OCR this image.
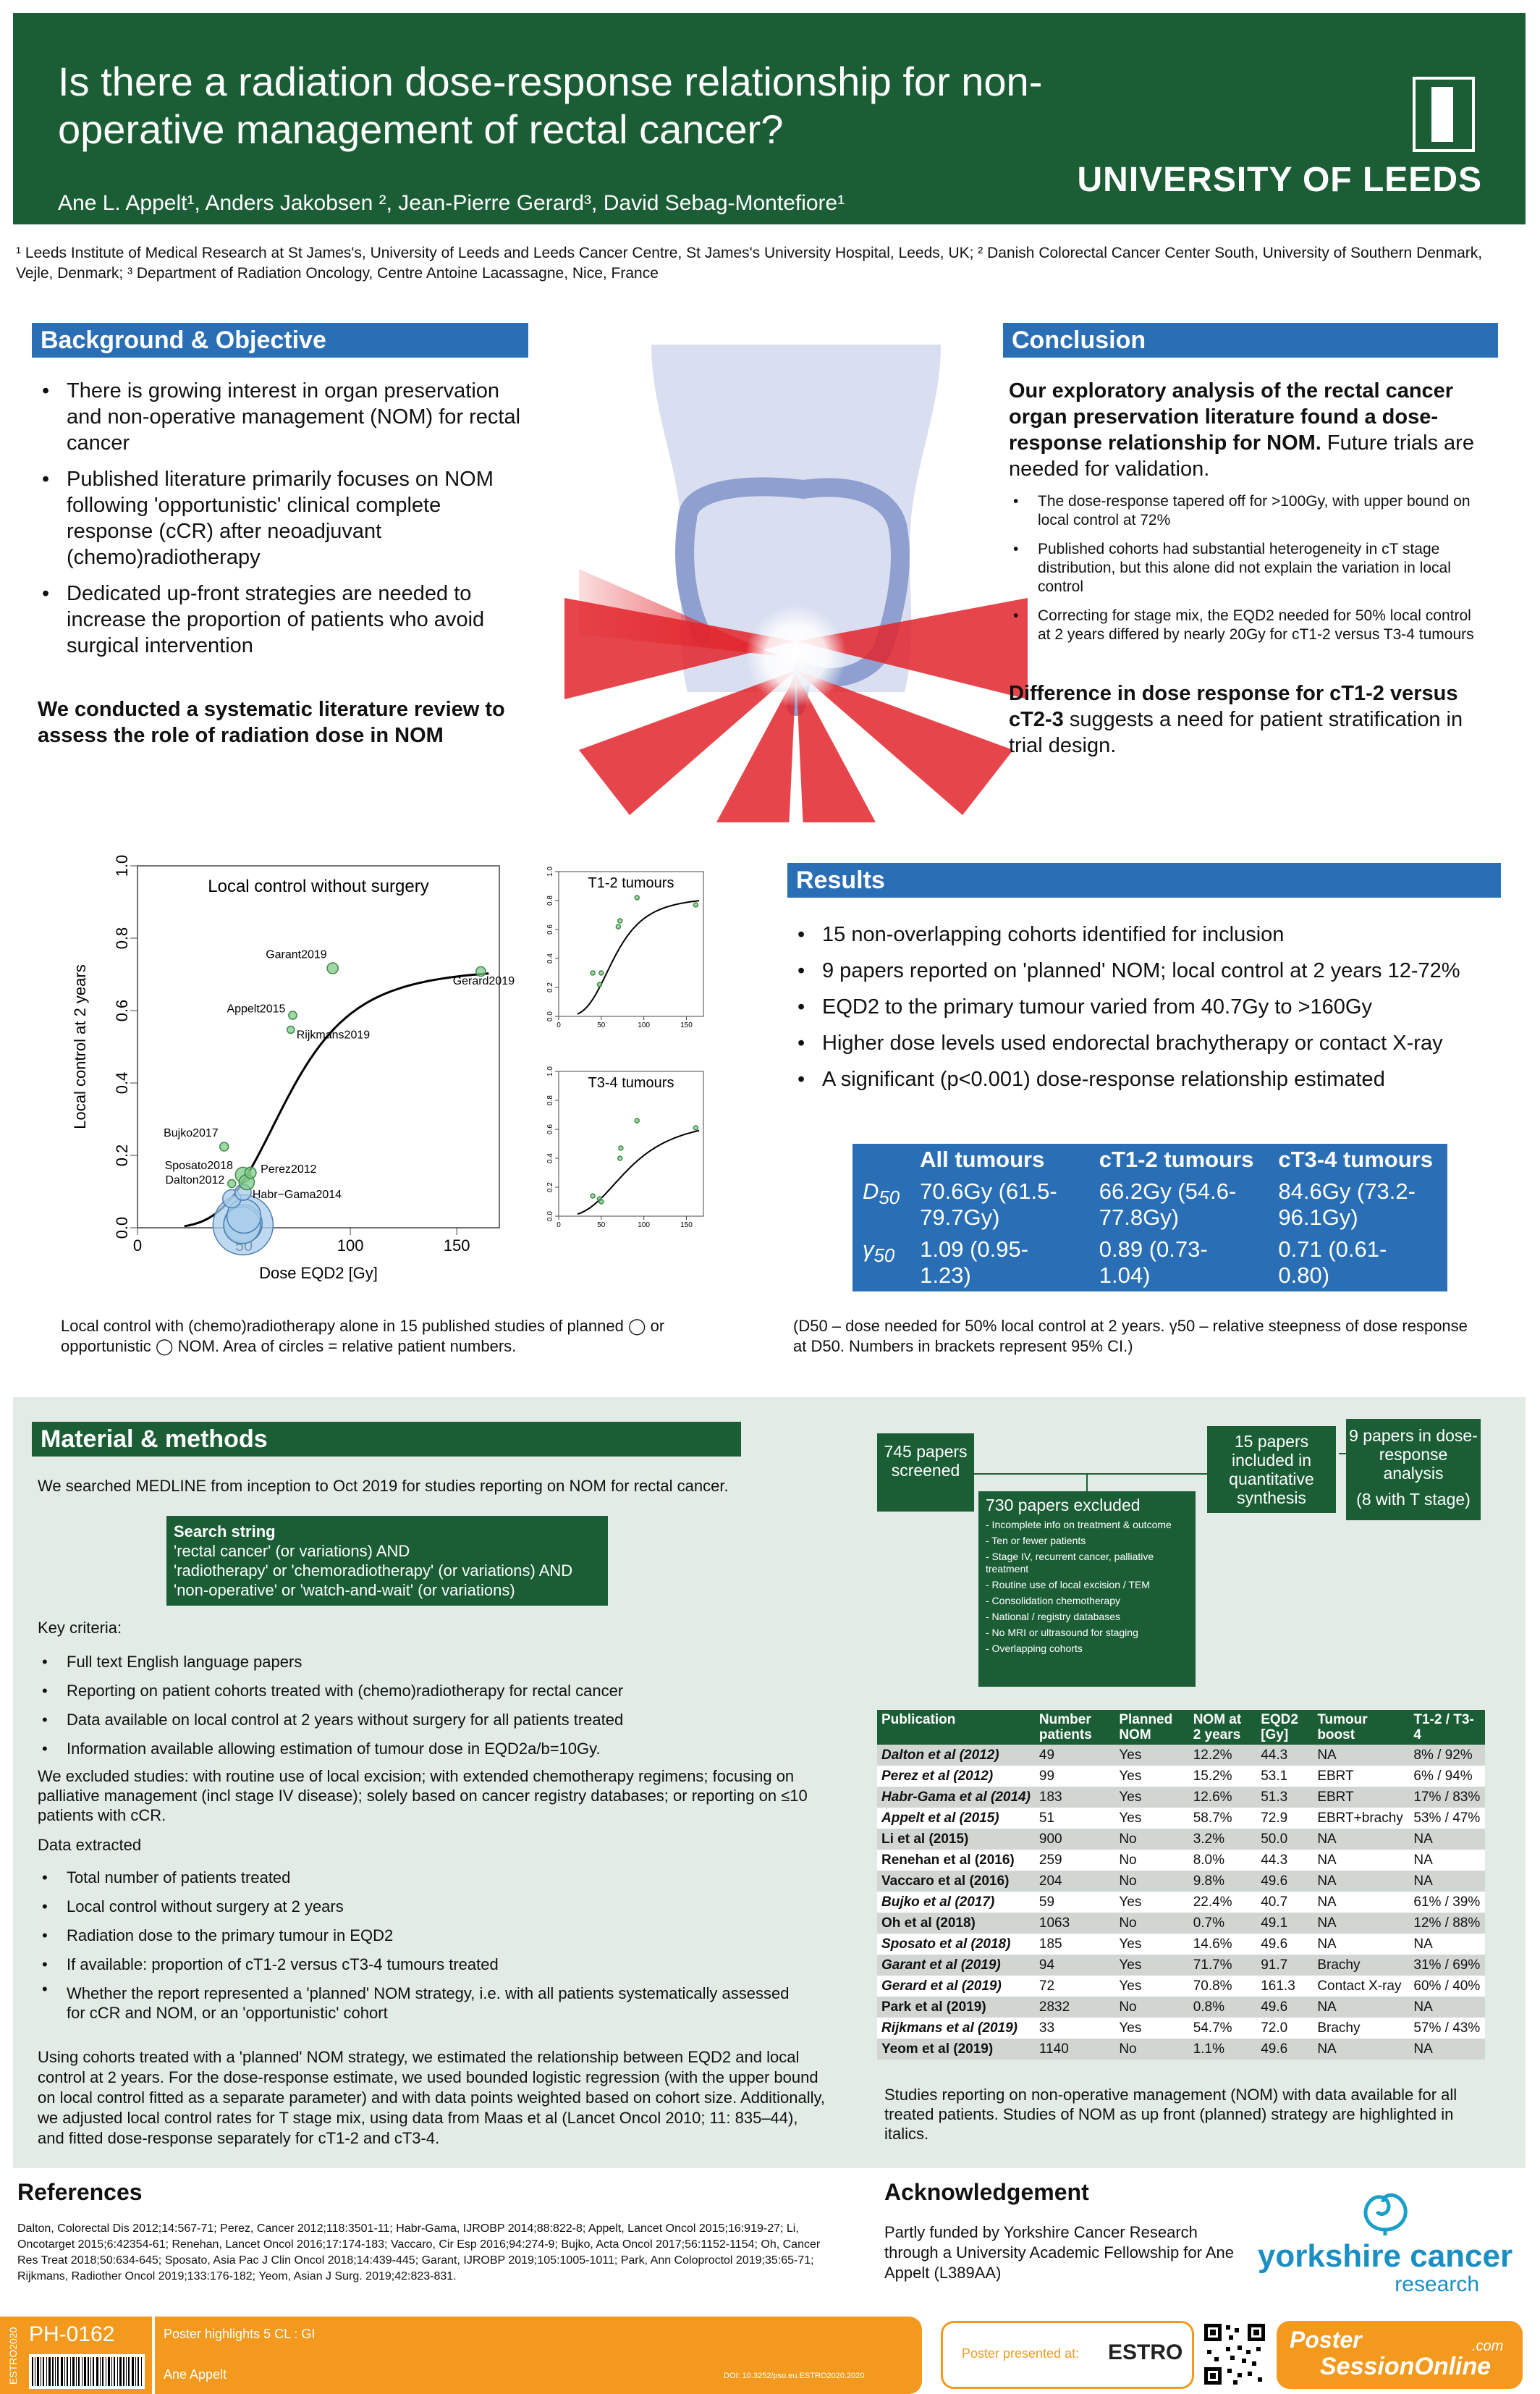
Is there a radiation dose-response relationship for non-operative management of rectal cancer?
Ane L. Appelt¹, Anders Jakobsen ², Jean-Pierre Gerard³, David Sebag-Montefiore¹
UNIVERSITY OF LEEDS
¹ Leeds Institute of Medical Research at St James's, University of Leeds and Leeds Cancer Centre, St James's University Hospital, Leeds, UK; ² Danish Colorectal Cancer Center South, University of Southern Denmark, Vejle, Denmark; ³ Department of Radiation Oncology, Centre Antoine Lacassagne, Nice, France
Background & Objective
• There is growing interest in organ preservation and non-operative management (NOM) for rectal cancer
• Published literature primarily focuses on NOM following 'opportunistic' clinical complete response (cCR) after neoadjuvant (chemo)radiotherapy
• Dedicated up-front strategies are needed to increase the proportion of patients who avoid surgical intervention
We conducted a systematic literature review to assess the role of radiation dose in NOM
Conclusion
Our exploratory analysis of the rectal cancer organ preservation literature found a dose-response relationship for NOM. Future trials are needed for validation.
• The dose-response tapered off for >100Gy, with upper bound on local control at 72%
• Published cohorts had substantial heterogeneity in cT stage distribution, but this alone did not explain the variation in local control
• Correcting for stage mix, the EQD2 needed for 50% local control at 2 years differed by nearly 20Gy for cT1-2 versus T3-4 tumours
Difference in dose response for cT1-2 versus cT2-3 suggests a need for patient stratification in trial design.
0	100	150
0.0
0.2
0.4
0.6
0.8
1.0
Local control without surgery
Dose EQD2 [Gy]
Local control at 2 years
Dalton2012
Perez2012
Habr−Gama2014
Appelt2015
Bujko2017
Sposato2018
Garant2019
Gerard2019
Rijkmans2019
0	50	100	150
0.0
0.2
0.4
0.6
0.8
1.0
T1-2 tumours
0	50	100	150
0.0
0.2
0.4
0.6
0.8
1.0
T3-4 tumours
Local control with (chemo)radiotherapy alone in 15 published studies of planned ◯ or opportunistic ◯ NOM. Area of circles = relative patient numbers.
Results
• 15 non-overlapping cohorts identified for inclusion
• 9 papers reported on 'planned' NOM; local control at 2 years 12-72%
• EQD2 to the primary tumour varied from 40.7Gy to >160Gy
• Higher dose levels used endorectal brachytherapy or contact X-ray
• A significant (p<0.001) dose-response relationship estimated
	All tumours	cT1-2 tumours	cT3-4 tumours
$D_{50}$	70.6Gy (61.5-79.7Gy)	66.2Gy (54.6-77.8Gy)	84.6Gy (73.2-96.1Gy)
$\gamma_{50}$	1.09 (0.95-1.23)	0.89 (0.73-1.04)	0.71 (0.61-0.80)
(D50 – dose needed for 50% local control at 2 years. γ50 – relative steepness of dose response at D50. Numbers in brackets represent 95% CI.)
Material & methods
We searched MEDLINE from inception to Oct 2019 for studies reporting on NOM for rectal cancer.
Search string
'rectal cancer' (or variations) AND
'radiotherapy' or 'chemoradiotherapy' (or variations) AND
'non-operative' or 'watch-and-wait' (or variations)
Key criteria:
• Full text English language papers
• Reporting on patient cohorts treated with (chemo)radiotherapy for rectal cancer
• Data available on local control at 2 years without surgery for all patients treated
• Information available allowing estimation of tumour dose in EQD2a/b=10Gy.
We excluded studies: with routine use of local excision; with extended chemotherapy regimens; focusing on palliative management (incl stage IV disease); solely based on cancer registry databases; or reporting on ≤10 patients with cCR.
Data extracted
• Total number of patients treated
• Local control without surgery at 2 years
• Radiation dose to the primary tumour in EQD2
• If available: proportion of cT1-2 versus cT3-4 tumours treated
• Whether the report represented a 'planned' NOM strategy, i.e. with all patients systematically assessed for cCR and NOM, or an 'opportunistic' cohort
Using cohorts treated with a 'planned' NOM strategy, we estimated the relationship between EQD2 and local control at 2 years. For the dose-response estimate, we used bounded logistic regression (with the upper bound on local control fitted as a separate parameter) and with data points weighted based on cohort size. Additionally, we adjusted local control rates for T stage mix, using data from Maas et al (Lancet Oncol 2010; 11: 835–44), and fitted dose-response separately for cT1-2 and cT3-4.
745 papers screened
15 papers included in quantitative synthesis
9 papers in dose-response analysis
(8 with T stage)
730 papers excluded
- Incomplete info on treatment & outcome
- Ten or fewer patients
- Stage IV, recurrent cancer, palliative treatment
- Routine use of local excision / TEM
- Consolidation chemotherapy
- National / registry databases
- No MRI or ultrasound for staging
- Overlapping cohorts
Publication	Number patients	Planned NOM	NOM at 2 years	EQD2 [Gy]	Tumour boost	T1-2 / T3-4
Dalton et al (2012)	49	Yes	12.2%	44.3	NA	8% / 92%
Perez et al (2012)	99	Yes	15.2%	53.1	EBRT	6% / 94%
Habr-Gama et al (2014)	183	Yes	12.6%	51.3	EBRT	17% / 83%
Appelt et al (2015)	51	Yes	58.7%	72.9	EBRT+brachy	53% / 47%
Li et al (2015)	900	No	3.2%	50.0	NA	NA
Renehan et al (2016)	259	No	8.0%	44.3	NA	NA
Vaccaro et al (2016)	204	No	9.8%	49.6	NA	NA
Bujko et al (2017)	59	Yes	22.4%	40.7	NA	61% / 39%
Oh et al (2018)	1063	No	0.7%	49.1	NA	12% / 88%
Sposato et al (2018)	185	Yes	14.6%	49.6	NA	NA
Garant et al (2019)	94	Yes	71.7%	91.7	Brachy	31% / 69%
Gerard et al (2019)	72	Yes	70.8%	161.3	Contact X-ray	60% / 40%
Park et al (2019)	2832	No	0.8%	49.6	NA	NA
Rijkmans et al (2019)	33	Yes	54.7%	72.0	Brachy	57% / 43%
Yeom et al (2019)	1140	No	1.1%	49.6	NA	NA
Studies reporting on non-operative management (NOM) with data available for all treated patients. Studies of NOM as up front (planned) strategy are highlighted in italics.
References
Dalton, Colorectal Dis 2012;14:567-71; Perez, Cancer 2012;118:3501-11; Habr-Gama, IJROBP 2014;88:822-8; Appelt, Lancet Oncol 2015;16:919-27; Li, Oncotarget 2015;6:42354-61; Renehan, Lancet Oncol 2016;17:174-183; Vaccaro, Cir Esp 2016;94:274-9; Bujko, Acta Oncol 2017;56:1152-1154; Oh, Cancer Res Treat 2018;50:634-645; Sposato, Asia Pac J Clin Oncol 2018;14:439-445; Garant, IJROBP 2019;105:1005-1011; Park, Ann Coloproctol 2019;35:65-71; Rijkmans, Radiother Oncol 2019;133:176-182; Yeom, Asian J Surg. 2019;42:823-831.
Acknowledgement
Partly funded by Yorkshire Cancer Research through a University Academic Fellowship for Ane Appelt (L389AA)	yorkshire cancer
research
ESTRO2020 PH-0162	Poster highlights 5 CL : GI
Ane Appelt	DOI: 10.3252/pso.eu.ESTRO2020.2020
Poster presented at: ESTRO	Poster
SessionOnline
.com
